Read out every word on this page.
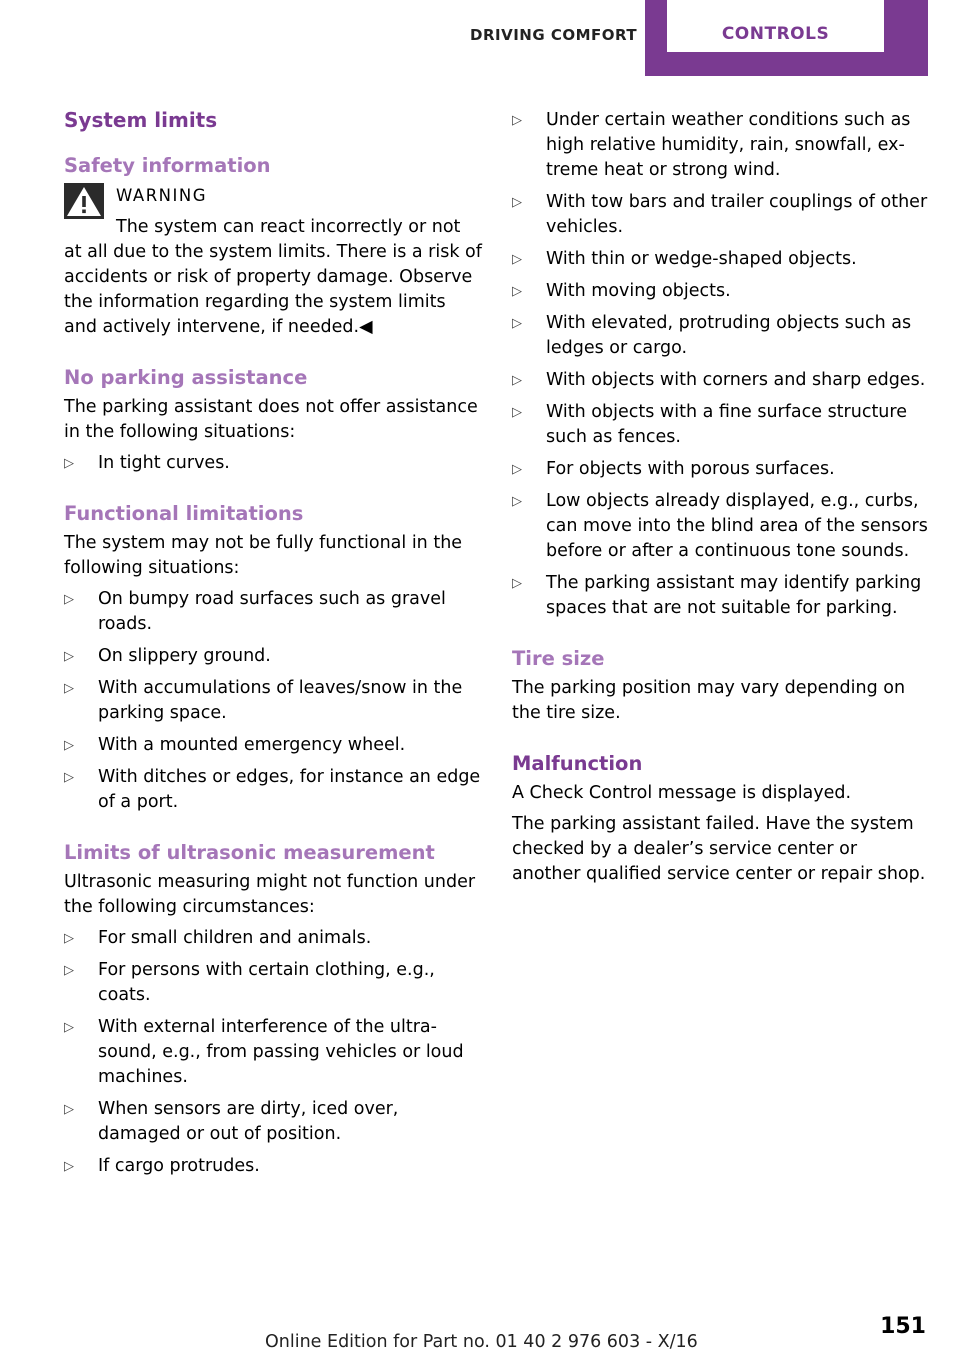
DRIVING COMFORT	CONTROLS
System limits
Safety information
WARNING

The system can react incorrectly or not at all due to the system limits. There is a risk of accidents or risk of property damage. Observe the information regarding the system limits and actively intervene, if needed.◀

No parking assistance

The parking assistant does not offer assistance in the following situations:

▷ In tight curves.
Functional limitations

The system may not be fully functional in the following situations:

▷ On bumpy road surfaces such as gravel roads.
▷ On slippery ground.
▷ With accumulations of leaves/snow in the parking space.
▷ With a mounted emergency wheel.
▷ With ditches or edges, for instance an edge of a port.
Limits of ultrasonic measurement

Ultrasonic measuring might not function under the following circumstances:

▷ For small children and animals.
▷ For persons with certain clothing, e.g., coats.
▷ With external interference of the ultrasound, e.g., from passing vehicles or loud machines.
▷ When sensors are dirty, iced over, damaged or out of position.
▷ If cargo protrudes.
▷ Under certain weather conditions such as high relative humidity, rain, snowfall, extreme heat or strong wind.
▷ With tow bars and trailer couplings of other vehicles.
▷ With thin or wedge-shaped objects.
▷ With moving objects.
▷ With elevated, protruding objects such as ledges or cargo.
▷ With objects with corners and sharp edges.
▷ With objects with a fine surface structure such as fences.
▷ For objects with porous surfaces.
▷ Low objects already displayed, e.g., curbs, can move into the blind area of the sensors before or after a continuous tone sounds.
▷ The parking assistant may identify parking spaces that are not suitable for parking.
Tire size

The parking position may vary depending on the tire size.

Malfunction

A Check Control message is displayed.

The parking assistant failed. Have the system checked by a dealer’s service center or another qualified service center or repair shop.

151
Online Edition for Part no. 01 40 2 976 603 - X/16
